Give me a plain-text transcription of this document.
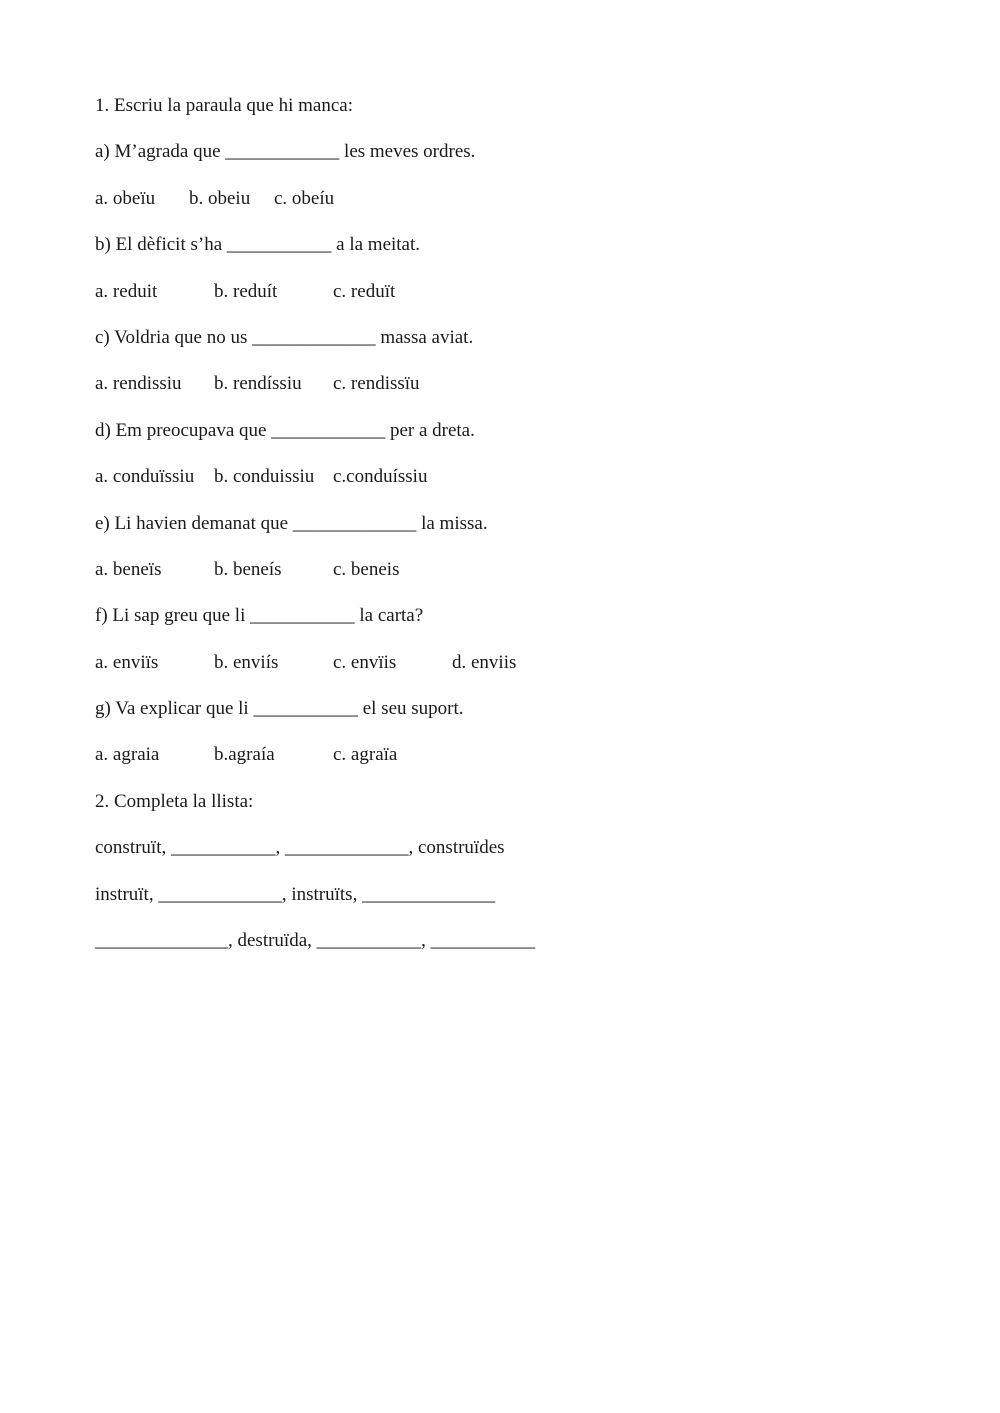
1. Escriu la paraula que hi manca:
a) M’agrada que ____________ les meves ordres.
a. obeïu b. obeiu c. obeíu
b) El dèficit s’ha ___________ a la meitat.
a. reduit	b. reduít	c. reduït
c) Voldria que no us _____________ massa aviat.
a. rendissiu b. rendíssiu c. rendissïu
d) Em preocupava que ____________ per a dreta.
a. conduïssiu b. conduissiu c.conduíssiu
e) Li havien demanat que _____________ la missa.
a. beneïs	b. beneís	c. beneis
f) Li sap greu que li ___________ la carta?
a. enviïs	b. enviís	c. envïis	d. enviis
g) Va explicar que li ___________ el seu suport.
a. agraia	b.agraía	c. agraïa
2. Completa la llista:
construït, ___________, _____________, construïdes
instruït, _____________, instruïts, ______________
______________, destruïda, ___________, ___________
